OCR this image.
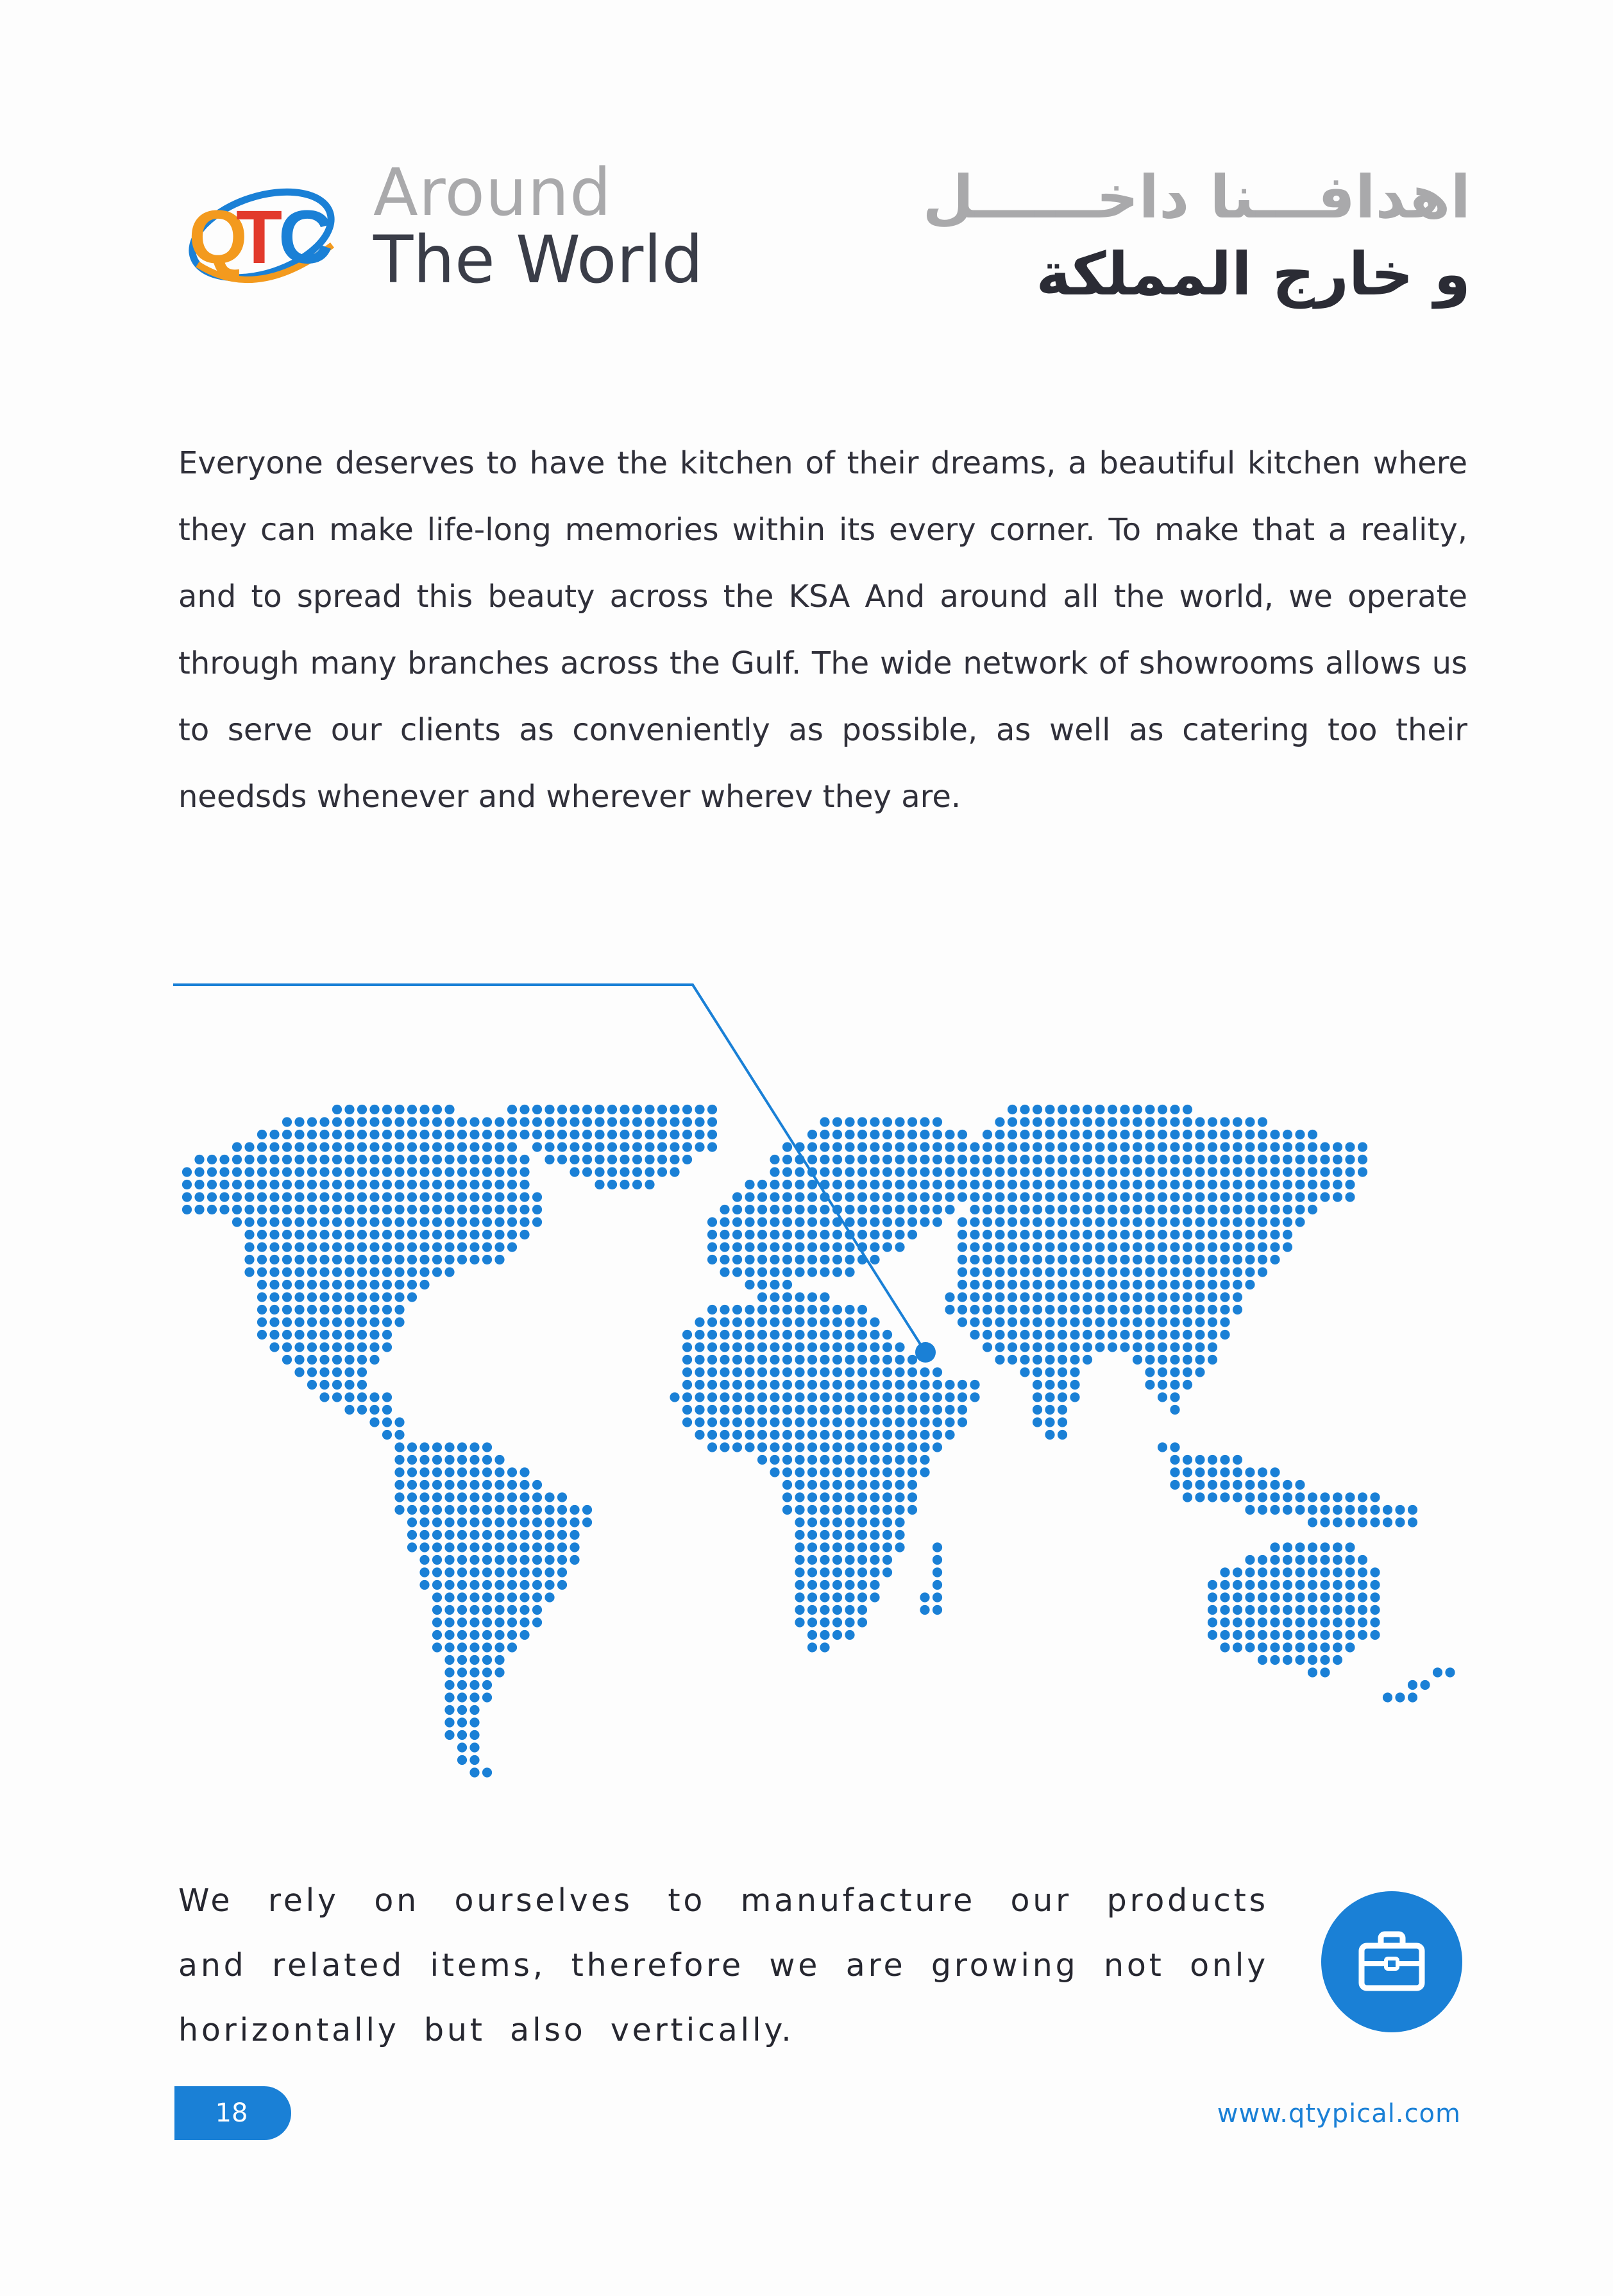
Q
T
C
Around
The World
اهدافـــنا داخــــــل
و خارج المملكة

Everyone deserves to have the kitchen of their dreams, a beautiful kitchen where they can make life-long memories within its every corner. To make that a reality, and to spread this beauty across the KSA And around all the world, we operate through many branches across the Gulf. The wide network of showrooms allows us to serve our clients as conveniently as possible, as well as catering too their needsds whenever and wherever wherev they are.

We rely on ourselves to manufacture our products and related items, therefore we are growing not only horizontally but also vertically.

18	www.qtypical.com
